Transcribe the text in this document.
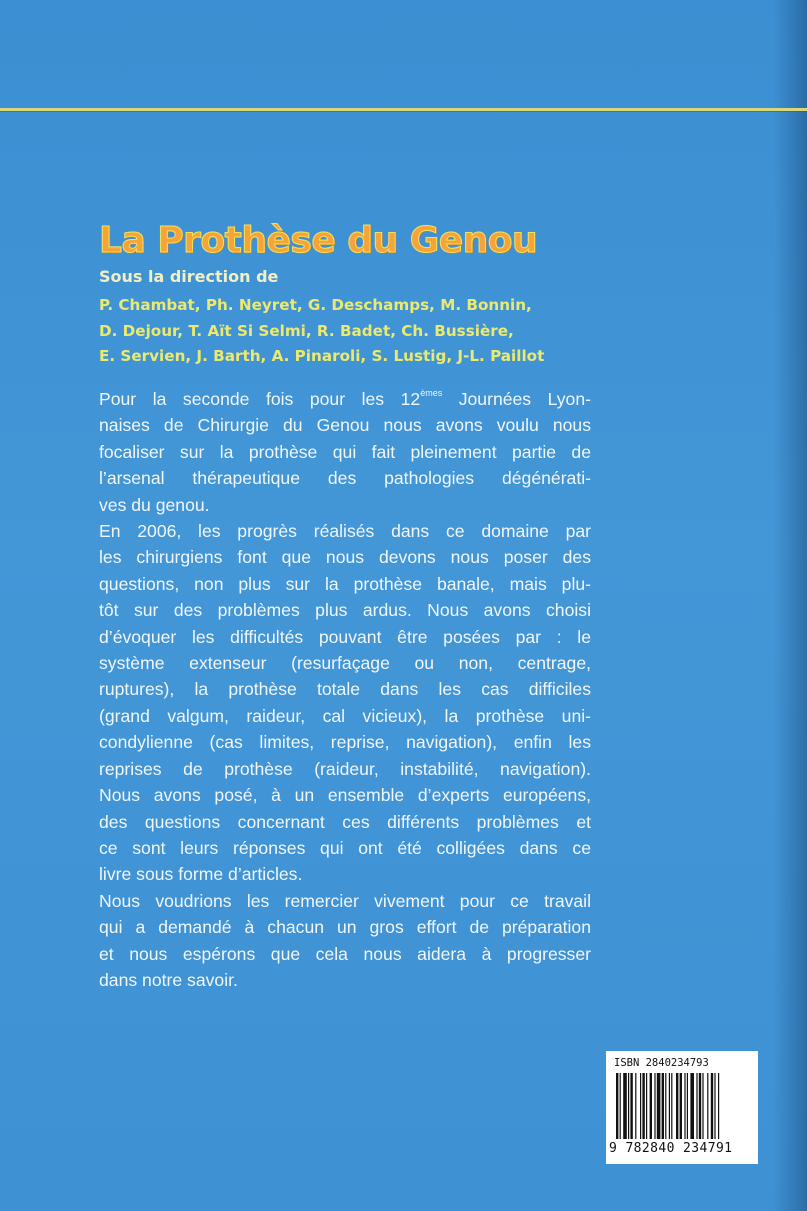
La Prothèse du Genou
Sous la direction de
P. Chambat, Ph. Neyret, G. Deschamps, M. Bonnin,
D. Dejour, T. Aït Si Selmi, R. Badet, Ch. Bussière,
E. Servien, J. Barth, A. Pinaroli, S. Lustig, J-L. Paillot
Pour la seconde fois pour les 12èmes Journées Lyon-
naises de Chirurgie du Genou nous avons voulu nous
focaliser sur la prothèse qui fait pleinement partie de
l’arsenal thérapeutique des pathologies dégénérati-
ves du genou.
En 2006, les progrès réalisés dans ce domaine par
les chirurgiens font que nous devons nous poser des
questions, non plus sur la prothèse banale, mais plu-
tôt sur des problèmes plus ardus. Nous avons choisi
d’évoquer les difficultés pouvant être posées par : le
système extenseur (resurfaçage ou non, centrage,
ruptures), la prothèse totale dans les cas difficiles
(grand valgum, raideur, cal vicieux), la prothèse uni-
condylienne (cas limites, reprise, navigation), enfin les
reprises de prothèse (raideur, instabilité, navigation).
Nous avons posé, à un ensemble d’experts européens,
des questions concernant ces différents problèmes et
ce sont leurs réponses qui ont été colligées dans ce
livre sous forme d’articles.
Nous voudrions les remercier vivement pour ce travail
qui a demandé à chacun un gros effort de préparation
et nous espérons que cela nous aidera à progresser
dans notre savoir.
ISBN 2840234793
9 782840 234791
